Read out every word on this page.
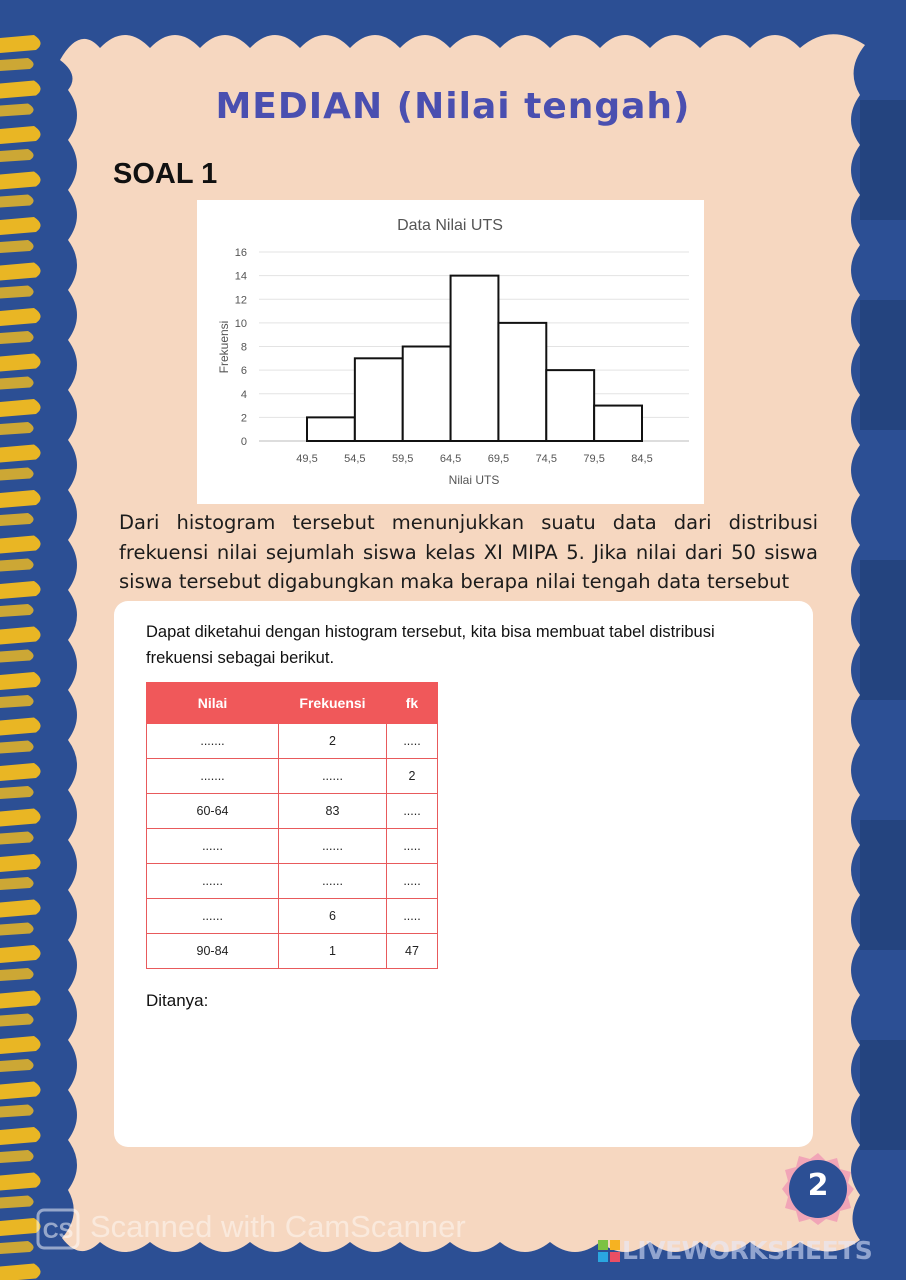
MEDIAN (Nilai tengah)
SOAL 1
Data Nilai UTS
0
2
4
6
8
10
12
14
16
49,5 54,5 59,5 64,5 69,5 74,5 79,5 84,5
Nilai UTS
Frekuensi
Dari histogram tersebut menunjukkan suatu data dari distribusi frekuensi nilai sejumlah siswa kelas XI MIPA 5. Jika nilai dari 50 siswa siswa tersebut digabungkan maka berapa nilai tengah data tersebut
Dapat diketahui dengan histogram tersebut, kita bisa membuat tabel distribusi frekuensi sebagai berikut.
Nilai	Frekuensi	fk
.......	2	.....
.......	......	2
60-64	83	.....
......	......	.....
......	......	.....
......	6	.....
90-84	1	47
Ditanya:
2
CS Scanned with CamScanner
LIVEWORKSHEETS
